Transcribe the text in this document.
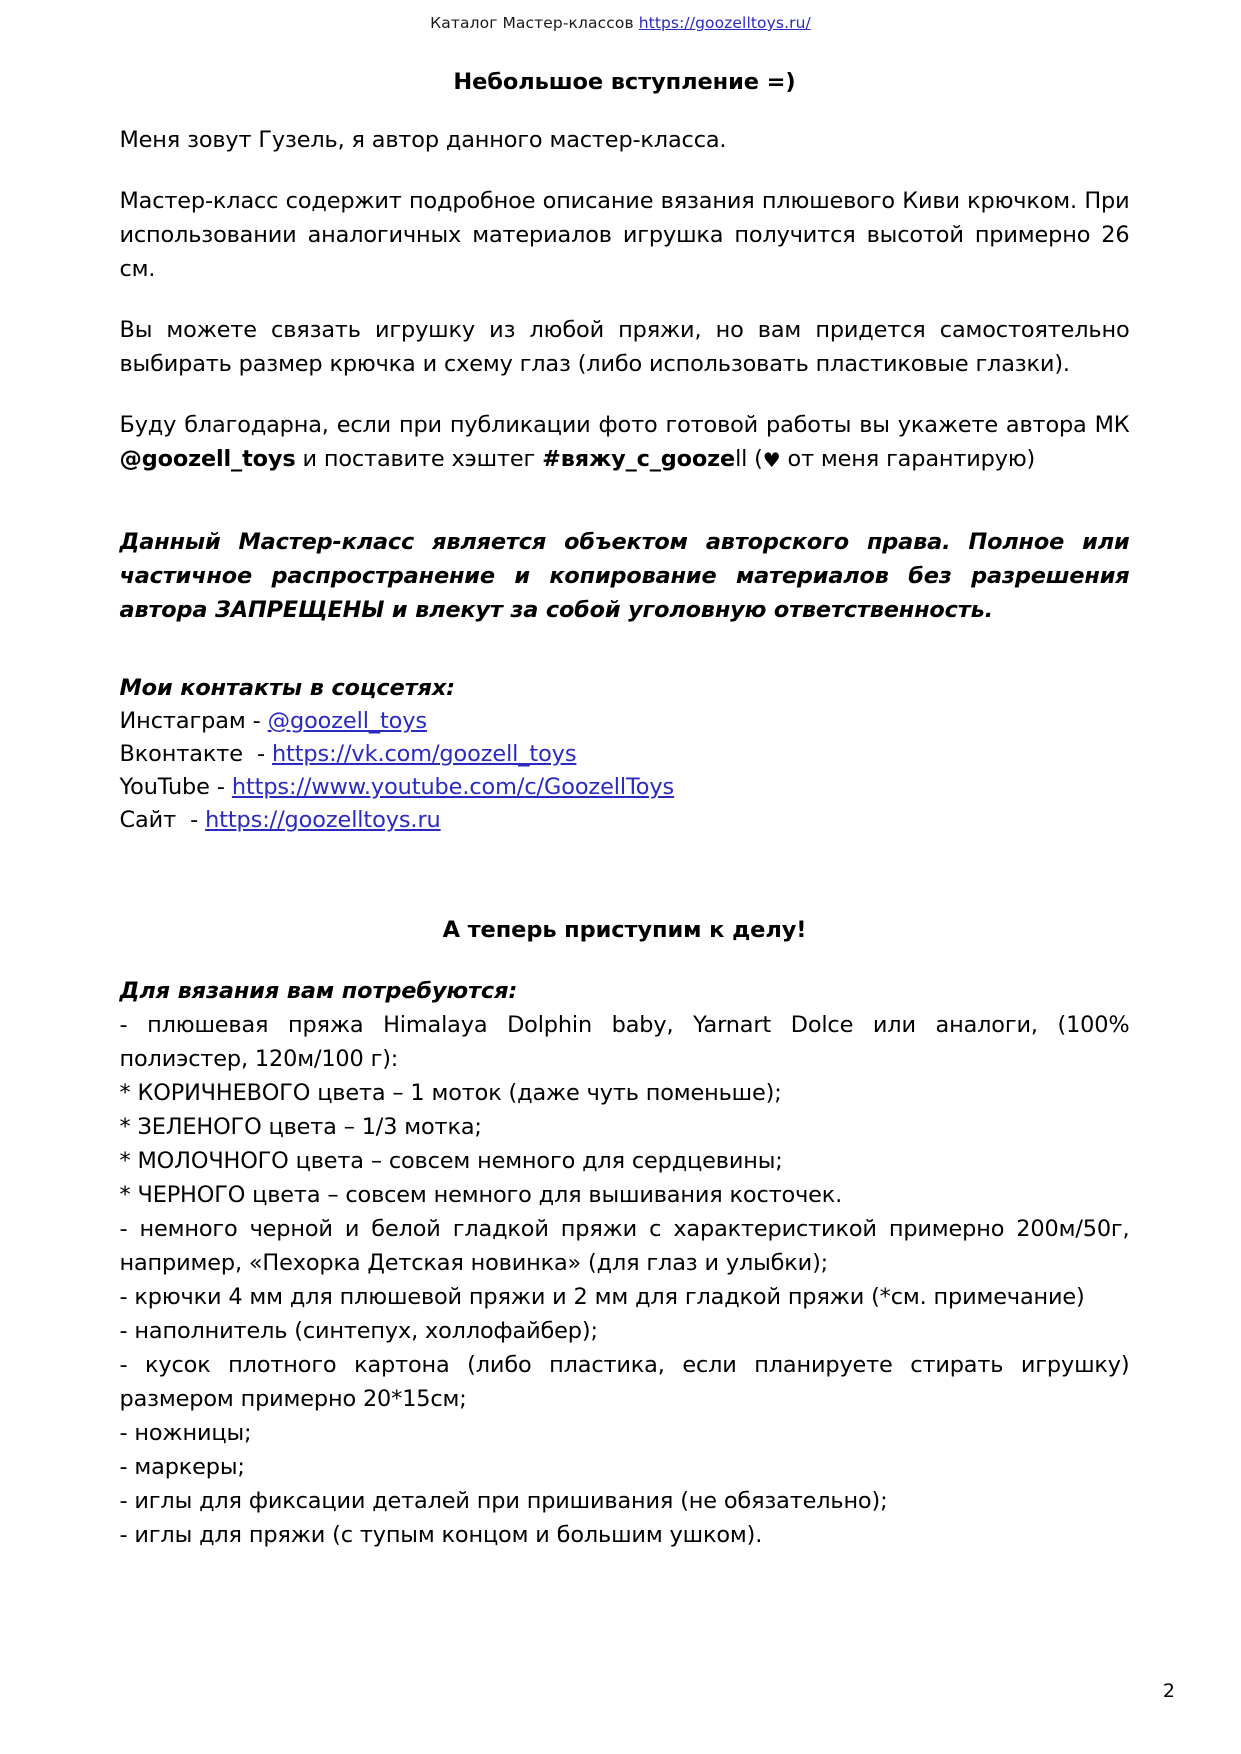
Каталог Мастер-классов https://goozelltoys.ru/
Небольшое вступление =)

Меня зовут Гузель, я автор данного мастер-класса.

Мастер-класс содержит подробное описание вязания плюшевого Киви крючком. При использовании аналогичных материалов игрушка получится высотой примерно 26 см.

Вы можете связать игрушку из любой пряжи, но вам придется самостоятельно выбирать размер крючка и схему глаз (либо использовать пластиковые глазки).

Буду благодарна, если при публикации фото готовой работы вы укажете автора МК @goozell_toys и поставите хэштег #вяжу_с_goozell (♥ от меня гарантирую)

Данный Мастер-класс является объектом авторского права. Полное или частичное распространение и копирование материалов без разрешения автора ЗАПРЕЩЕНЫ и влекут за собой уголовную ответственность.

Мои контакты в соцсетях:
Инстаграм - @goozell_toys
Вконтакте  - https://vk.com/goozell_toys
YouTube - https://www.youtube.com/c/GoozellToys
Сайт  - https://goozelltoys.ru
А теперь приступим к делу!
Для вязания вам потребуются:

- плюшевая пряжа Himalaya Dolphin baby, Yarnart Dolce или аналоги, (100% полиэстер, 120м/100 г):

* КОРИЧНЕВОГО цвета – 1 моток (даже чуть поменьше);

* ЗЕЛЕНОГО цвета – 1/3 мотка;

* МОЛОЧНОГО цвета – совсем немного для сердцевины;

* ЧЕРНОГО цвета – совсем немного для вышивания косточек.

- немного черной и белой гладкой пряжи с характеристикой примерно 200м/50г, например, «Пехорка Детская новинка» (для глаз и улыбки);

- крючки 4 мм для плюшевой пряжи и 2 мм для гладкой пряжи (*см. примечание)

- наполнитель (синтепух, холлофайбер);

- кусок плотного картона (либо пластика, если планируете стирать игрушку) размером примерно 20*15см;

- ножницы;

- маркеры;

- иглы для фиксации деталей при пришивания (не обязательно);

- иглы для пряжи (с тупым концом и большим ушком).

2
